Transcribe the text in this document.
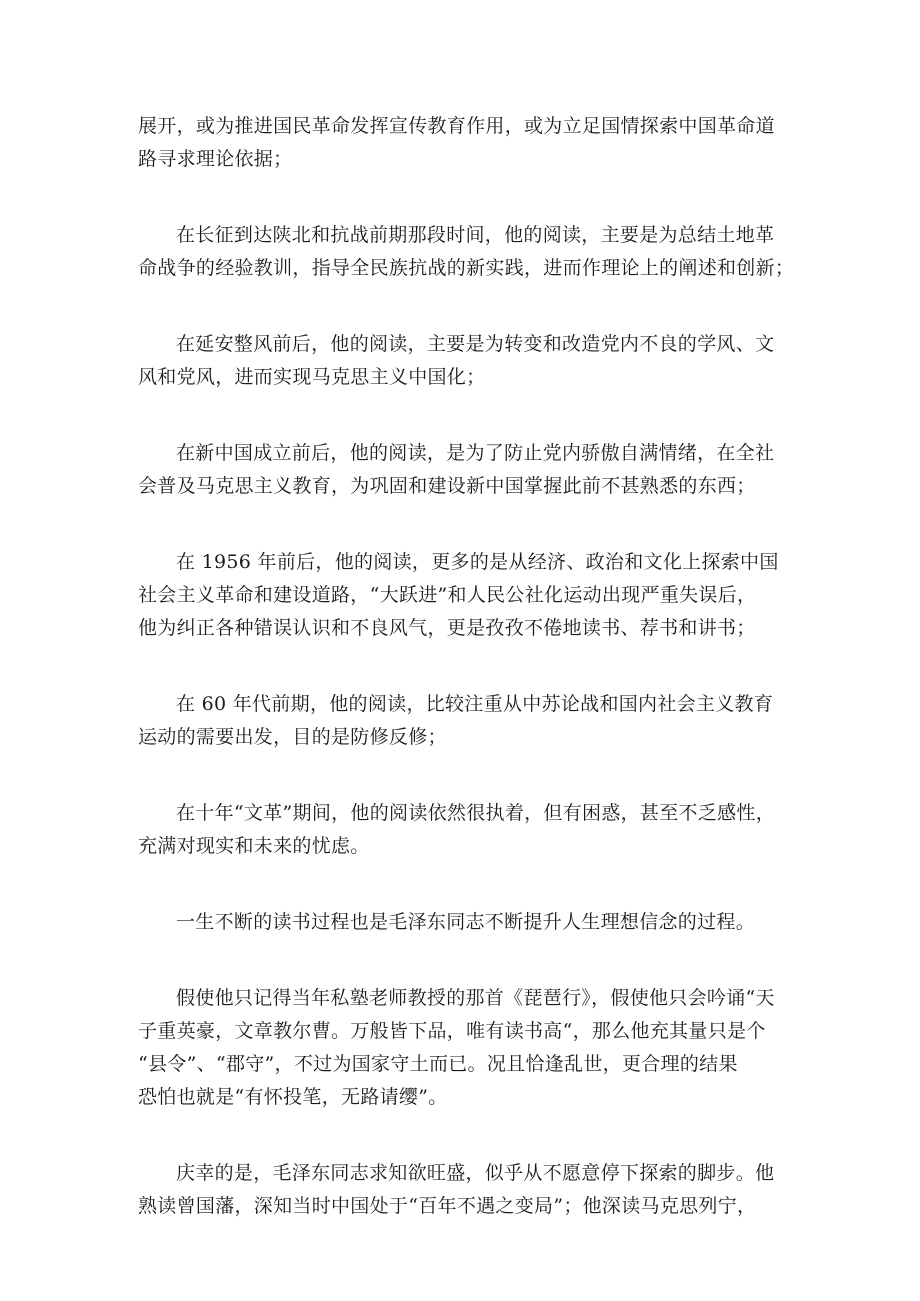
展开，或为推进国民革命发挥宣传教育作用，或为立足国情探索中国革命道
路寻求理论依据；
在长征到达陕北和抗战前期那段时间，他的阅读，主要是为总结土地革
命战争的经验教训，指导全民族抗战的新实践，进而作理论上的阐述和创新；
在延安整风前后，他的阅读，主要是为转变和改造党内不良的学风、文
风和党风，进而实现马克思主义中国化；
在新中国成立前后，他的阅读，是为了防止党内骄傲自满情绪，在全社
会普及马克思主义教育，为巩固和建设新中国掌握此前不甚熟悉的东西；
在 1956 年前后，他的阅读，更多的是从经济、政治和文化上探索中国
社会主义革命和建设道路，“大跃进”和人民公社化运动出现严重失误后，
他为纠正各种错误认识和不良风气，更是孜孜不倦地读书、荐书和讲书；
在 60 年代前期，他的阅读，比较注重从中苏论战和国内社会主义教育
运动的需要出发，目的是防修反修；
在十年“文革”期间，他的阅读依然很执着，但有困惑，甚至不乏感性，
充满对现实和未来的忧虑。
一生不断的读书过程也是毛泽东同志不断提升人生理想信念的过程。
假使他只记得当年私塾老师教授的那首《琵琶行》，假使他只会吟诵“天
子重英豪，文章教尔曹。万般皆下品，唯有读书高“，那么他充其量只是个
“县令”、“郡守”，不过为国家守土而已。况且恰逢乱世，更合理的结果
恐怕也就是“有怀投笔，无路请缨”。
庆幸的是，毛泽东同志求知欲旺盛，似乎从不愿意停下探索的脚步。他
熟读曾国藩，深知当时中国处于“百年不遇之变局”；他深读马克思列宁，
